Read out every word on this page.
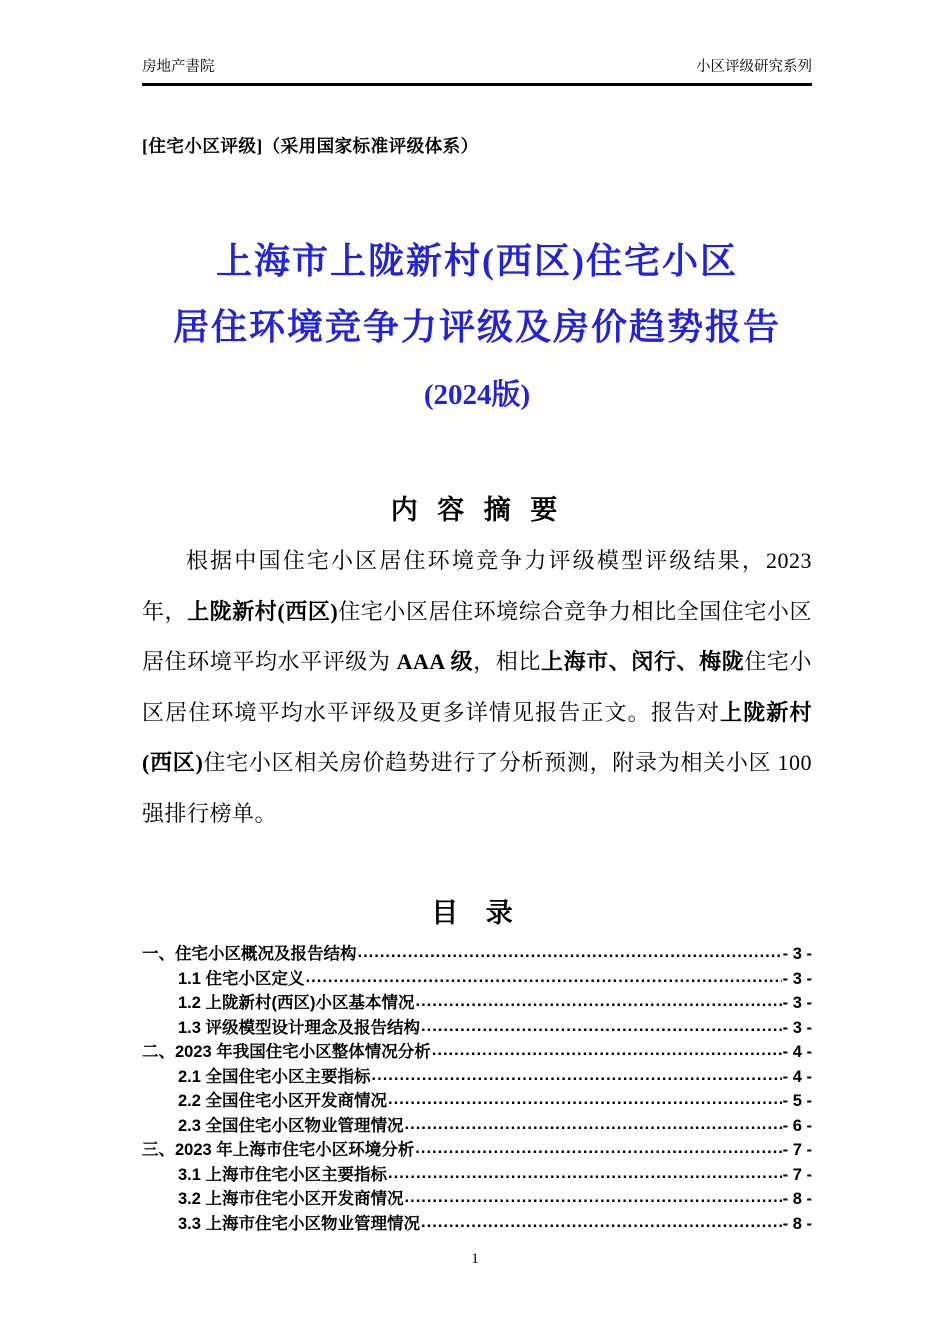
房地产書院	小区评级研究系列
[住宅小区评级]（采用国家标准评级体系）
上海市上陇新村(西区)住宅小区
居住环境竞争力评级及房价趋势报告
(2024版)
内 容 摘 要

根据中国住宅小区居住环境竞争力评级模型评级结果，2023 年，上陇新村(西区)住宅小区居住环境综合竞争力相比全国住宅小区居住环境平均水平评级为 AAA 级，相比上海市、闵行、梅陇住宅小区居住环境平均水平评级及更多详情见报告正文。报告对上陇新村(西区)住宅小区相关房价趋势进行了分析预测，附录为相关小区 100 强排行榜单。

目 录
一、住宅小区概况及报告结构 .....	- 3 -
1.1 住宅小区定义 .....	- 3 -
1.2 上陇新村(西区)小区基本情况 .....	- 3 -
1.3 评级模型设计理念及报告结构 .....	- 3 -
二、2023 年我国住宅小区整体情况分析 .....	- 4 -
2.1 全国住宅小区主要指标 .....	- 4 -
2.2 全国住宅小区开发商情况 .....	- 5 -
2.3 全国住宅小区物业管理情况 .....	- 6 -
三、2023 年上海市住宅小区环境分析 .....	- 7 -
3.1 上海市住宅小区主要指标 .....	- 7 -
3.2 上海市住宅小区开发商情况 .....	- 8 -
3.3 上海市住宅小区物业管理情况 .....	- 8 -
1
